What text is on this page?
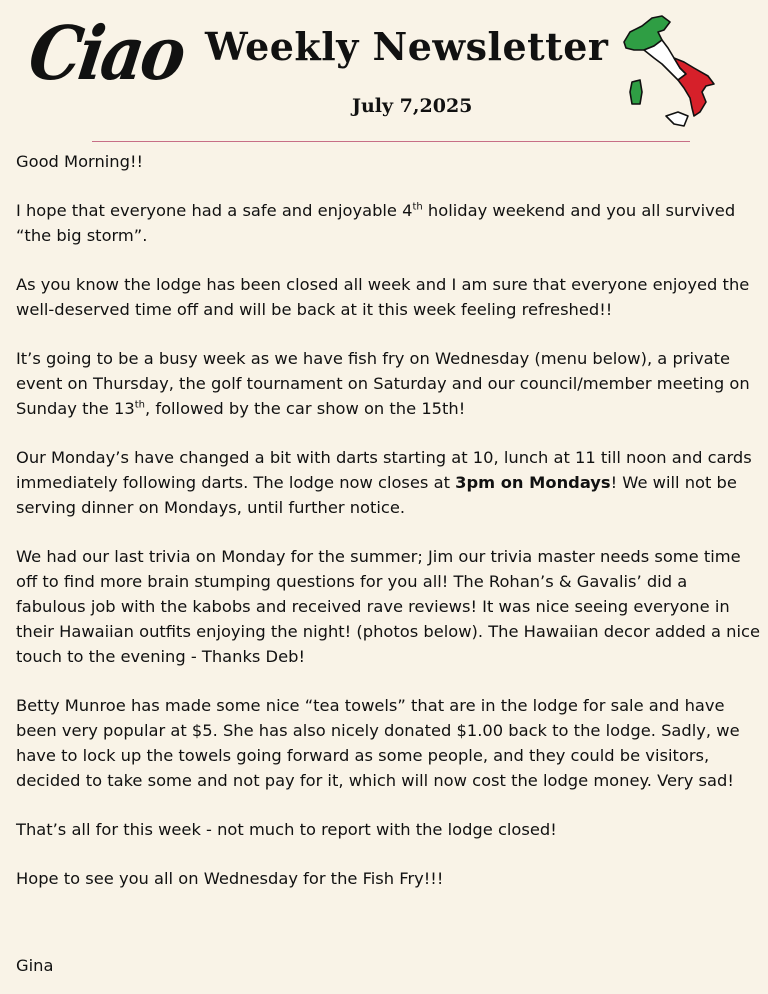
Ciao Weekly Newsletter
July 7,2025

Good Morning!!

I hope that everyone had a safe and enjoyable 4th holiday weekend and you all survived “the big storm”.

As you know the lodge has been closed all week and I am sure that everyone enjoyed the well-deserved time off and will be back at it this week feeling refreshed!!

It’s going to be a busy week as we have fish fry on Wednesday (menu below), a private event on Thursday, the golf tournament on Saturday and our council/member meeting on Sunday the 13th, followed by the car show on the 15th!

Our Monday’s have changed a bit with darts starting at 10, lunch at 11 till noon and cards immediately following darts. The lodge now closes at 3pm on Mondays! We will not be serving dinner on Mondays, until further notice.

We had our last trivia on Monday for the summer; Jim our trivia master needs some time off to find more brain stumping questions for you all! The Rohan’s & Gavalis’ did a fabulous job with the kabobs and received rave reviews! It was nice seeing everyone in their Hawaiian outfits enjoying the night! (photos below). The Hawaiian decor added a nice touch to the evening - Thanks Deb!

Betty Munroe has made some nice “tea towels” that are in the lodge for sale and have been very popular at $5. She has also nicely donated $1.00 back to the lodge. Sadly, we have to lock up the towels going forward as some people, and they could be visitors, decided to take some and not pay for it, which will now cost the lodge money. Very sad!

That’s all for this week - not much to report with the lodge closed!

Hope to see you all on Wednesday for the Fish Fry!!!

Gina
